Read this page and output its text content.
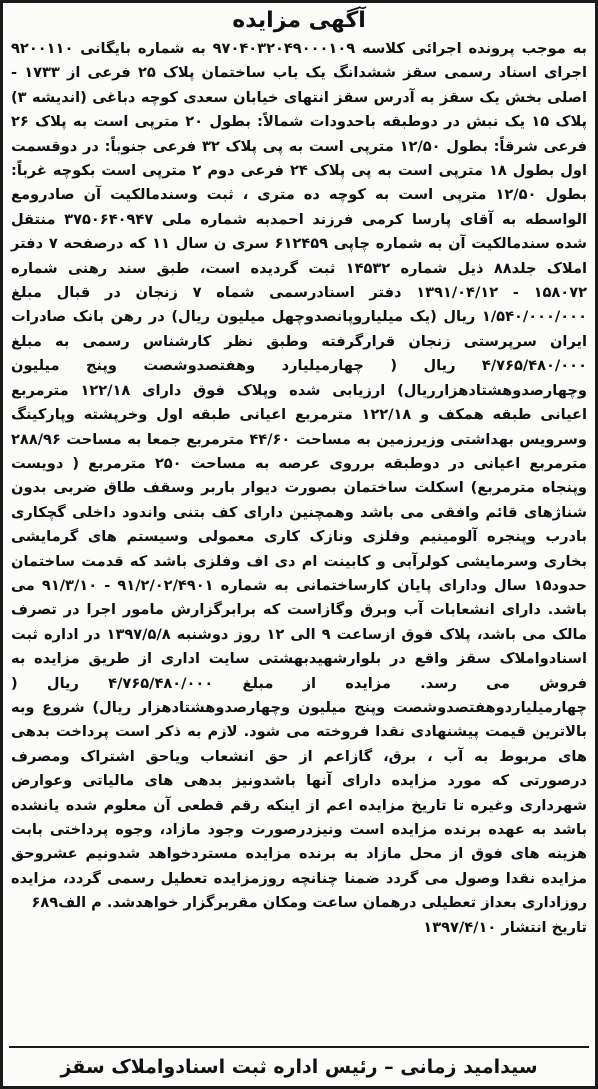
آگهی مزایده

به موجب پرونده اجرائی کلاسه ۹۷۰۴۰۳۲۰۴۹۰۰۰۱۰۹ به شماره بایگانی ۹۲۰۰۱۱۰ اجرای اسناد رسمی سقز ششدانگ یک باب ساختمان پلاک ۲۵ فرعی از ۱۷۳۳ - اصلی بخش یک سقز به آدرس سقز انتهای خیابان سعدی کوچه دباغی (اندیشه ۳) پلاک ۱۵ یک نبش در دوطبقه باحدودات شمالاً: بطول ۲۰ مترپی است به پلاک ۲۶ فرعی شرقاً: بطول ۱۲/۵۰ مترپی است به پی پلاک ۳۲ فرعی جنوباً: در دوقسمت اول بطول ۱۸ مترپی است به پی پلاک ۲۴ فرعی دوم ۲ مترپی است بکوچه غرباً: بطول ۱۲/۵۰ مترپی است به کوچه ده متری ، ثبت وسندمالکیت آن صادرومع الواسطه به آقای پارسا کرمی فرزند احمدبه شماره ملی ۳۷۵۰۶۴۰۹۴۷ منتقل شده سندمالکیت آن به شماره چاپی ۶۱۲۴۵۹ سری ن سال ۱۱ که درصفحه ۷ دفتر املاک جلد۸۸ ذیل شماره ۱۴۵۳۲ ثبت گردیده است، طبق سند رهنی شماره ۱۵۸۰۷۲ - ۱۳۹۱/۰۴/۱۲ دفتر اسنادرسمی شماه ۷ زنجان در قبال مبلغ ۱/۵۴۰/۰۰۰/۰۰۰ ریال (یک میلیاروپانصدوچهل میلیون ریال) در رهن بانک صادرات ایران سرپرستی زنجان قرارگرفته وطبق نظر کارشناس رسمی به مبلغ ۴/۷۶۵/۴۸۰/۰۰۰ ریال ( چهارمیلیارد وهفتصدوشصت وپنج میلیون وچهارصدوهشتادهزارریال) ارزیابی شده وپلاک فوق دارای ۱۲۲/۱۸ مترمربع اعیانی طبقه همکف و ۱۲۲/۱۸ مترمربع اعیانی طبقه اول وخرپشته وپارکینگ وسرویس بهداشتی وزیرزمین به مساحت ۴۴/۶۰ مترمربع جمعا به مساحت ۲۸۸/۹۶ مترمربع اعیانی در دوطبقه برروی عرصه به مساحت ۲۵۰ مترمربع ( دویست وپنجاه مترمربع) اسکلت ساختمان بصورت دیوار باربر وسقف طاق ضربی بدون شناژهای قائم وافقی می باشد وهمچنین دارای کف بتنی واندود داخلی گچکاری بادرب وپنجره آلومینیم وفلزی ونازک کاری معمولی وسیستم های گرمایشی بخاری وسرمایشی کولرآبی و کابینت ام دی اف وفلزی باشد که قدمت ساختمان حدود۱۵ سال ودارای پایان کارساختمانی به شماره ۹۱/۲/۰۲/۴۹۰۱ - ۹۱/۳/۱۰ می باشد. دارای انشعابات آب وبرق وگازاست که برابرگزارش مامور اجرا در تصرف مالک می باشد، پلاک فوق ازساعت ۹ الی ۱۲ روز دوشنبه ۱۳۹۷/۵/۸ در اداره ثبت اسنادواملاک سقز واقع در بلوارشهیدبهشتی سایت اداری از طریق مزایده به فروش می رسد. مزایده از مبلغ ۴/۷۶۵/۴۸۰/۰۰۰ ریال ( چهارمیلیاردوهفتصدوشصت وپنج میلیون وچهارصدوهشتادهزار ریال) شروع وبه بالاترین قیمت پیشنهادی نقدا فروخته می شود. لازم به ذکر است پرداخت بدهی های مربوط به آب ، برق، گازاعم از حق انشعاب ویاحق اشتراک ومصرف درصورتی که مورد مزایده دارای آنها باشدونیز بدهی های مالیاتی وعوارض شهرداری وغیره تا تاریخ مزایده اعم از اینکه رقم قطعی آن معلوم شده یانشده باشد به عهده برنده مزایده است ونیزدرصورت وجود مازاد، وجوه پرداختی بابت هزینه های فوق از محل مازاد به برنده مزایده مستردخواهد شدونیم عشروحق مزایده نقدا وصول می گردد ضمنا چنانچه روزمزایده تعطیل رسمی گردد، مزایده روزاداری بعداز تعطیلی درهمان ساعت ومکان مقربرگزار خواهدشد. م الف۶۸۹

تاریخ انتشار ۱۳۹۷/۴/۱۰
سیدامید زمانی – رئیس اداره ثبت اسنادواملاک سقز
